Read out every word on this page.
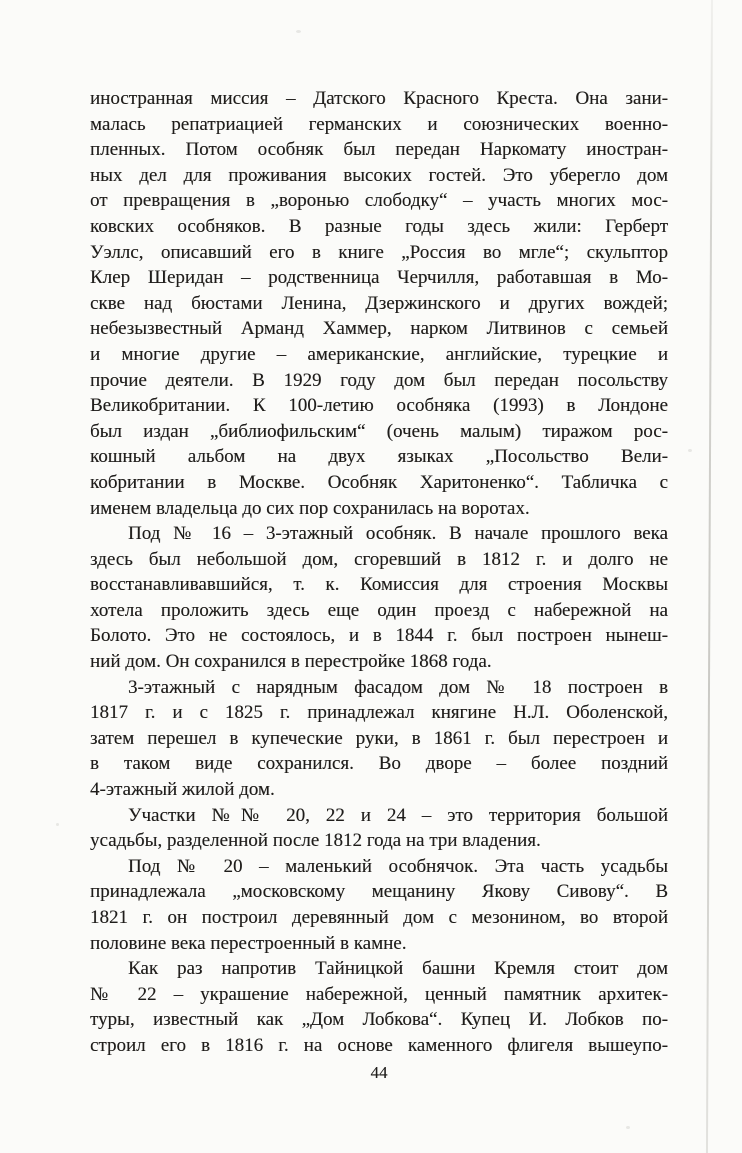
иностранная миссия – Датского Красного Креста. Она зани-
малась репатриацией германских и союзнических военно-
пленных. Потом особняк был передан Наркомату иностран-
ных дел для проживания высоких гостей. Это уберегло дом
от превращения в „воронью слободку“ – участь многих мос-
ковских особняков. В разные годы здесь жили: Герберт
Уэллс, описавший его в книге „Россия во мгле“; скульптор
Клер Шеридан – родственница Черчилля, работавшая в Мо-
скве над бюстами Ленина, Дзержинского и других вождей;
небезызвестный Арманд Хаммер, нарком Литвинов с семьей
и многие другие – американские, английские, турецкие и
прочие деятели. В 1929 году дом был передан посольству
Великобритании. К 100-летию особняка (1993) в Лондоне
был издан „библиофильским“ (очень малым) тиражом рос-
кошный альбом на двух языках „Посольство Вели-
кобритании в Москве. Особняк Харитоненко“. Табличка с
именем владельца до сих пор сохранилась на воротах.
Под № 16 – 3-этажный особняк. В начале прошлого века
здесь был небольшой дом, сгоревший в 1812 г. и долго не
восстанавливавшийся, т. к. Комиссия для строения Москвы
хотела проложить здесь еще один проезд с набережной на
Болото. Это не состоялось, и в 1844 г. был построен нынеш-
ний дом. Он сохранился в перестройке 1868 года.
3-этажный с нарядным фасадом дом № 18 построен в
1817 г. и с 1825 г. принадлежал княгине Н.Л. Оболенской,
затем перешел в купеческие руки, в 1861 г. был перестроен и
в таком виде сохранился. Во дворе – более поздний
4-этажный жилой дом.
Участки №№ 20, 22 и 24 – это территория большой
усадьбы, разделенной после 1812 года на три владения.
Под № 20 – маленький особнячок. Эта часть усадьбы
принадлежала „московскому мещанину Якову Сивову“. В
1821 г. он построил деревянный дом с мезонином, во второй
половине века перестроенный в камне.
Как раз напротив Тайницкой башни Кремля стоит дом
№ 22 – украшение набережной, ценный памятник архитек-
туры, известный как „Дом Лобкова“. Купец И. Лобков по-
строил его в 1816 г. на основе каменного флигеля вышеупо-
44
